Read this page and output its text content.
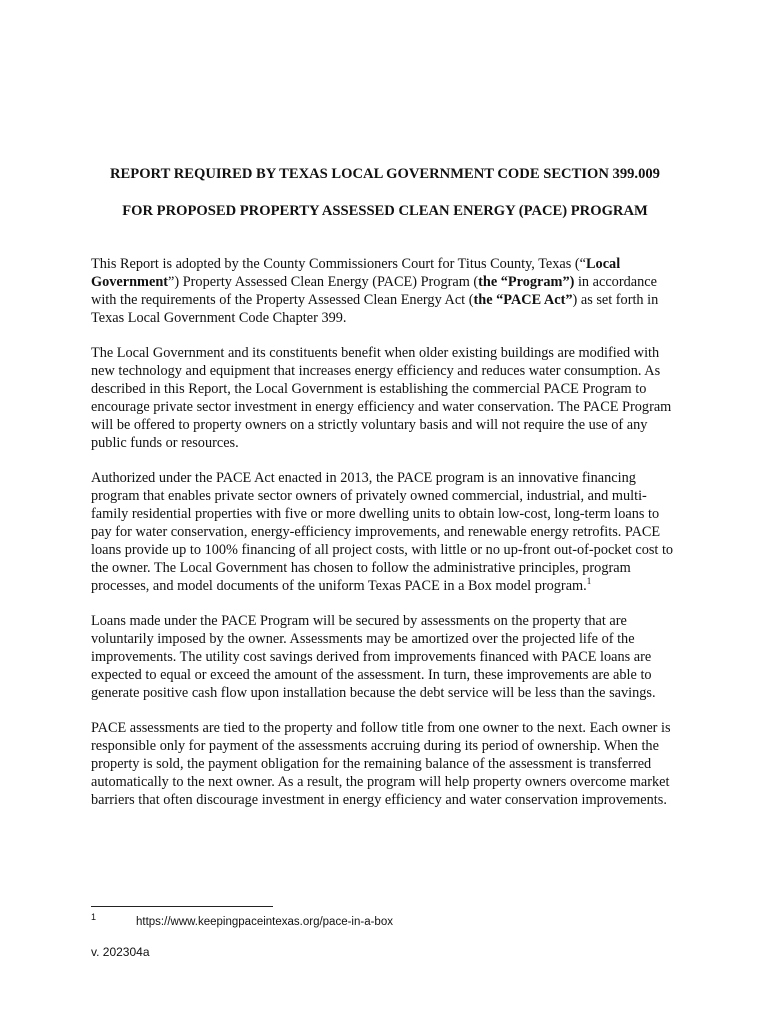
REPORT REQUIRED BY TEXAS LOCAL GOVERNMENT CODE SECTION 399.009
FOR PROPOSED PROPERTY ASSESSED CLEAN ENERGY (PACE) PROGRAM

This Report is adopted by the County Commissioners Court for Titus County, Texas (“Local Government”) Property Assessed Clean Energy (PACE) Program (the “Program”) in accordance with the requirements of the Property Assessed Clean Energy Act (the “PACE Act”) as set forth in Texas Local Government Code Chapter 399.

The Local Government and its constituents benefit when older existing buildings are modified with new technology and equipment that increases energy efficiency and reduces water consumption. As described in this Report, the Local Government is establishing the commercial PACE Program to encourage private sector investment in energy efficiency and water conservation. The PACE Program will be offered to property owners on a strictly voluntary basis and will not require the use of any public funds or resources.

Authorized under the PACE Act enacted in 2013, the PACE program is an innovative financing program that enables private sector owners of privately owned commercial, industrial, and multi-family residential properties with five or more dwelling units to obtain low-cost, long-term loans to pay for water conservation, energy-efficiency improvements, and renewable energy retrofits. PACE loans provide up to 100% financing of all project costs, with little or no up-front out-of-pocket cost to the owner. The Local Government has chosen to follow the administrative principles, program processes, and model documents of the uniform Texas PACE in a Box model program.$^1$

Loans made under the PACE Program will be secured by assessments on the property that are voluntarily imposed by the owner. Assessments may be amortized over the projected life of the improvements. The utility cost savings derived from improvements financed with PACE loans are expected to equal or exceed the amount of the assessment. In turn, these improvements are able to generate positive cash flow upon installation because the debt service will be less than the savings.

PACE assessments are tied to the property and follow title from one owner to the next. Each owner is responsible only for payment of the assessments accruing during its period of ownership. When the property is sold, the payment obligation for the remaining balance of the assessment is transferred automatically to the next owner. As a result, the program will help property owners overcome market barriers that often discourage investment in energy efficiency and water conservation improvements.

1	https://www.keepingpaceintexas.org/pace-in-a-box
v. 202304a
